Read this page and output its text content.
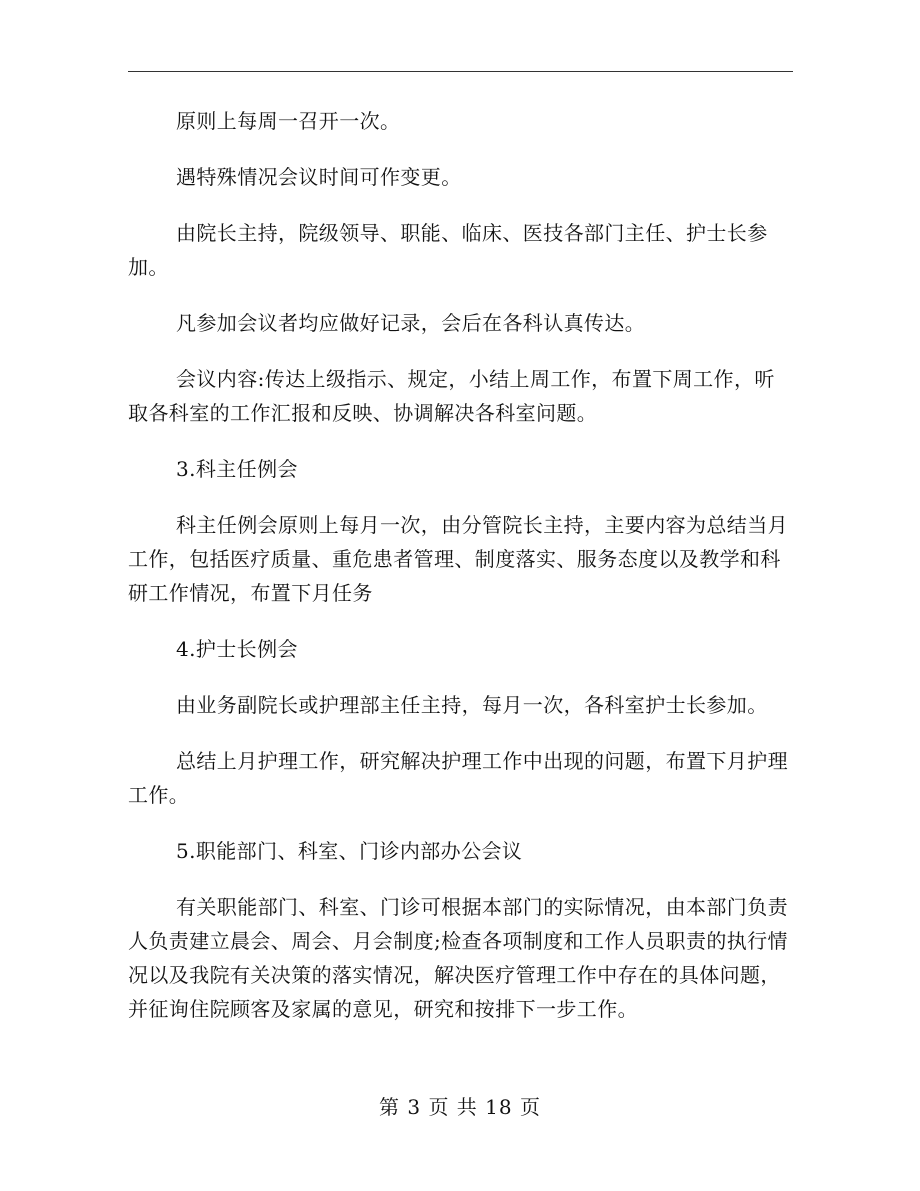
原则上每周一召开一次。

遇特殊情况会议时间可作变更。

由院长主持，院级领导、职能、临床、医技各部门主任、护士长参加。

凡参加会议者均应做好记录，会后在各科认真传达。

会议内容:传达上级指示、规定，小结上周工作，布置下周工作，听取各科室的工作汇报和反映、协调解决各科室问题。

3.科主任例会

科主任例会原则上每月一次，由分管院长主持，主要内容为总结当月工作，包括医疗质量、重危患者管理、制度落实、服务态度以及教学和科研工作情况，布置下月任务

4.护士长例会

由业务副院长或护理部主任主持，每月一次，各科室护士长参加。

总结上月护理工作，研究解决护理工作中出现的问题，布置下月护理工作。

5.职能部门、科室、门诊内部办公会议

有关职能部门、科室、门诊可根据本部门的实际情况，由本部门负责人负责建立晨会、周会、月会制度;检查各项制度和工作人员职责的执行情况以及我院有关决策的落实情况，解决医疗管理工作中存在的具体问题，并征询住院顾客及家属的意见，研究和按排下一步工作。

第 3 页 共 18 页
